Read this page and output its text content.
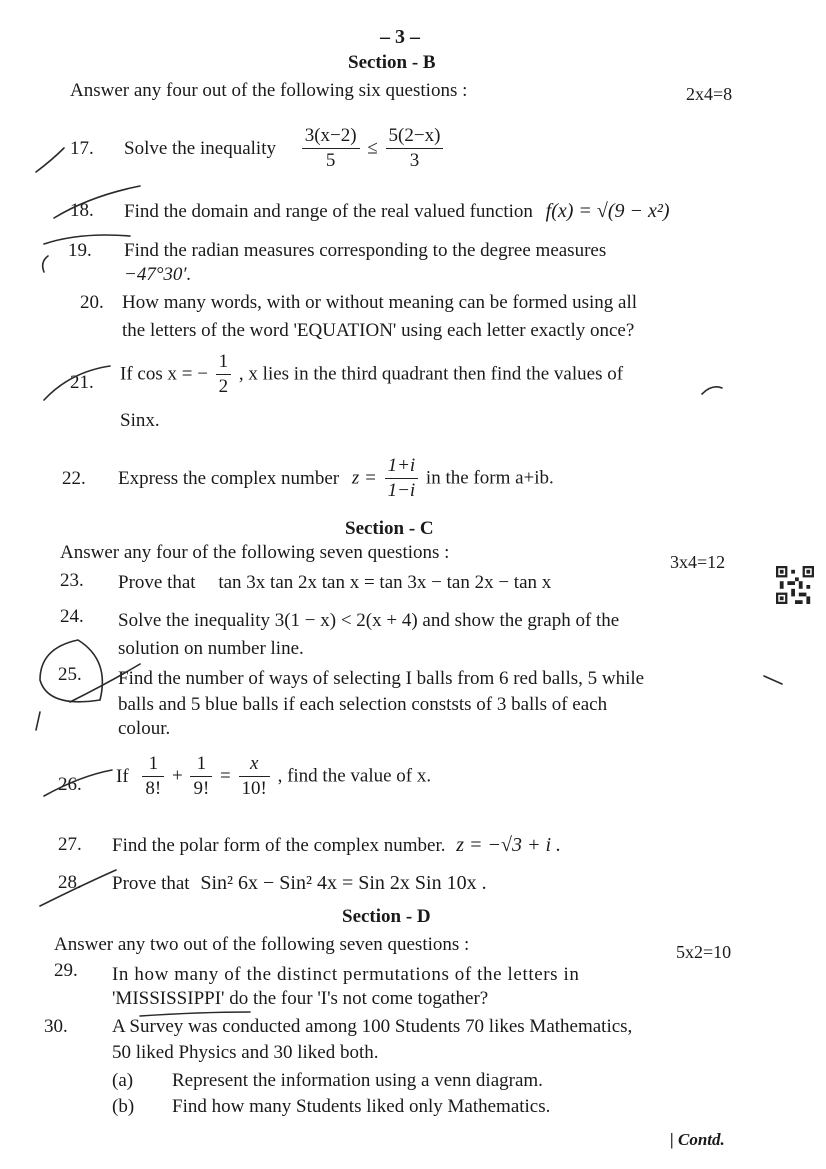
– 3 –
Section - B
Answer any four out of the following six questions :	2x4=8
17. Solve the inequality $\frac{3(x-2)}{5} \le \frac{5(2-x)}{3}$
18. Find the domain and range of the real valued function f(x) = √(9 − x²)
19. Find the radian measures corresponding to the degree measures
−47°30′.
20. How many words, with or without meaning can be formed using all
the letters of the word 'EQUATION' using each letter exactly once?
21. If cos x = − $\frac{1}{2}$ , x lies in the third quadrant then find the values of
Sinx.
22. Express the complex number $z = \frac{1+i}{1-i}$ in the form a+ib.
Section - C
Answer any four of the following seven questions :	3x4=12
23. Prove that tan 3x tan 2x tan x = tan 3x − tan 2x − tan x
24. Solve the inequality 3(1 − x) < 2(x + 4) and show the graph of the
solution on number line.
25. Find the number of ways of selecting I balls from 6 red balls, 5 while
balls and 5 blue balls if each selection conststs of 3 balls of each
colour.
26. If $\frac{1}{8!} + \frac{1}{9!} = \frac{x}{10!}$ , find the value of x.
27. Find the polar form of the complex number. z = −√3 + i .
28. Prove that Sin² 6x − Sin² 4x = Sin 2x Sin 10x .
Section - D
Answer any two out of the following seven questions :	5x2=10
29. In how many of the distinct permutations of the letters in
'MISSISSIPPI' do the four 'I's not come togather?
30. A Survey was conducted among 100 Students 70 likes Mathematics,
50 liked Physics and 30 liked both.
(a) Represent the information using a venn diagram.
(b) Find how many Students liked only Mathematics.
| Contd.
